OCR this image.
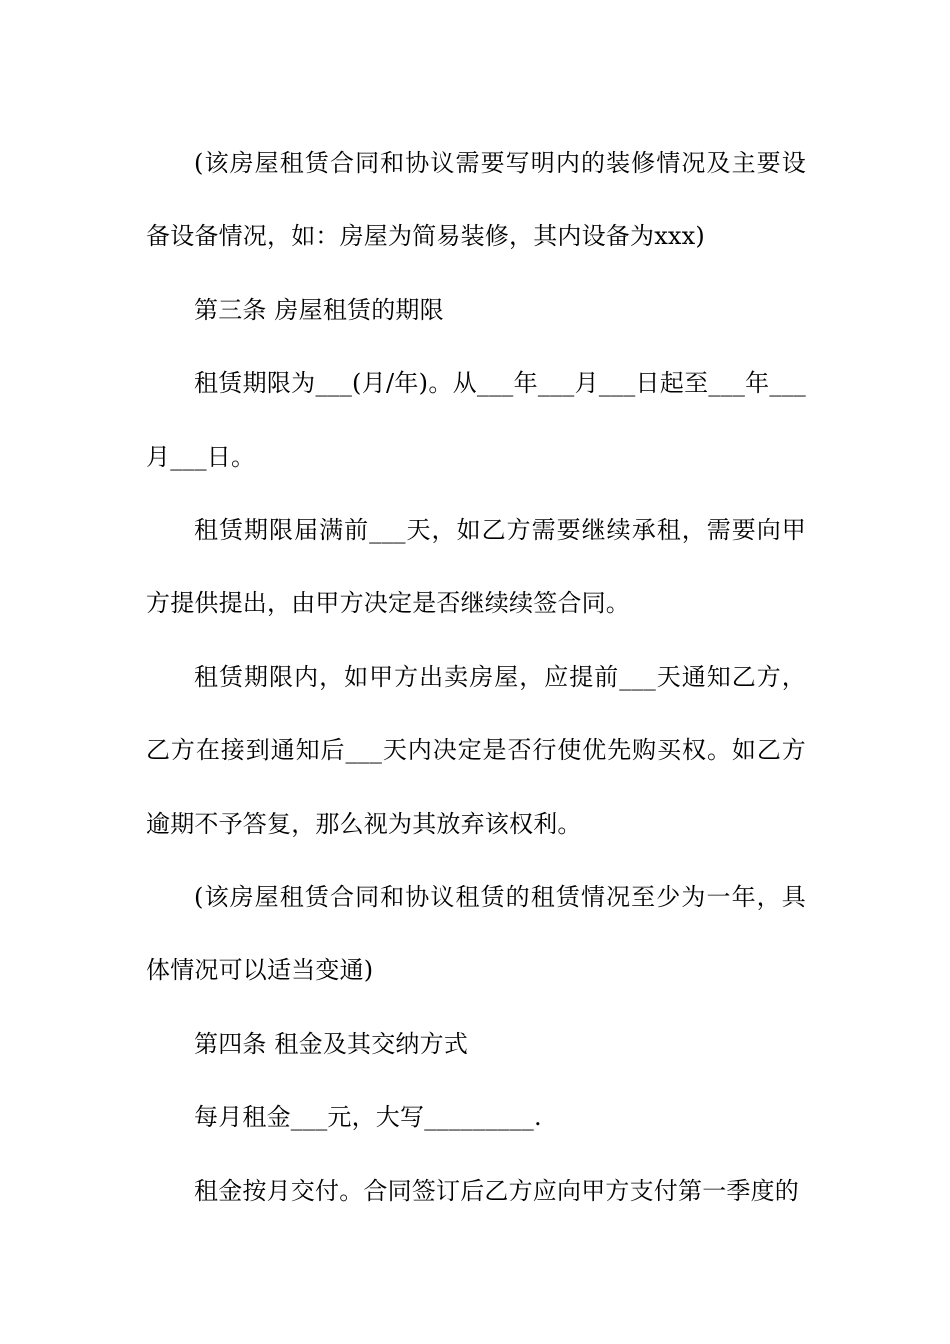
(该房屋租赁合同和协议需要写明内的装修情况及主要设备设备情况，如：房屋为简易装修，其内设备为xxx)

第三条 房屋租赁的期限

租赁期限为___(月/年)。从___年___月___日起至___年___月___日。

租赁期限届满前___天，如乙方需要继续承租，需要向甲方提供提出，由甲方决定是否继续续签合同。

租赁期限内，如甲方出卖房屋，应提前___天通知乙方，乙方在接到通知后___天内决定是否行使优先购买权。如乙方逾期不予答复，那么视为其放弃该权利。

(该房屋租赁合同和协议租赁的租赁情况至少为一年，具体情况可以适当变通)

第四条 租金及其交纳方式

每月租金___元，大写_________.

租金按月交付。合同签订后乙方应向甲方支付第一季度的
